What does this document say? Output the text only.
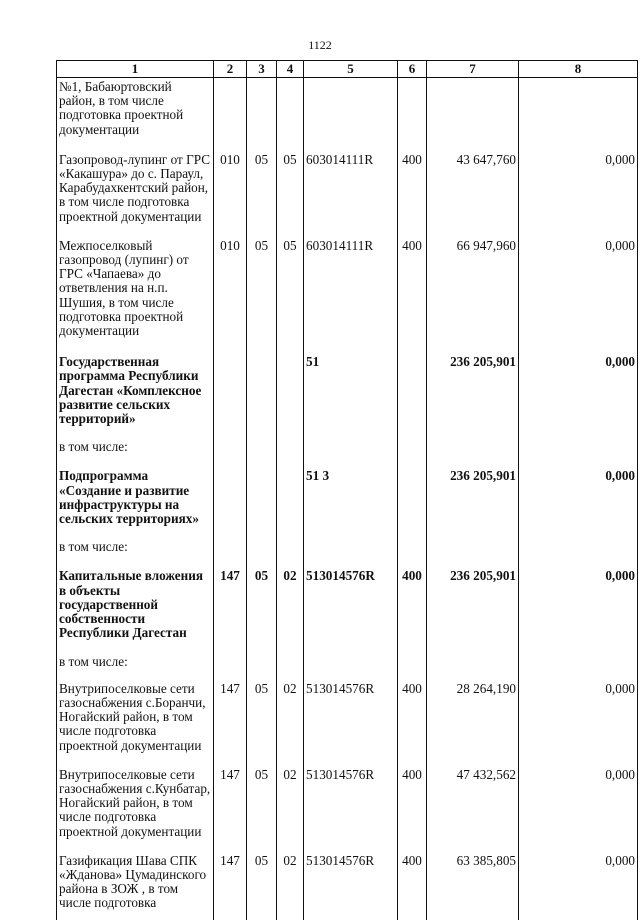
1122
1	2	3	4	5	6	7	8
№1, Бабаюртовский район, в том числе подготовка проектной документации							
Газопровод-лупинг от ГРС «Какашура» до с. Параул, Карабудахкентский район, в том числе подготовка проектной документации	010	05	05	603014111R	400	43 647,760	0,000
Межпоселковый газопровод (лупинг) от ГРС «Чапаева» до ответвления на н.п. Шушия, в том числе подготовка проектной документации	010	05	05	603014111R	400	66 947,960	0,000
Государственная программа Республики Дагестан «Комплексное развитие сельских территорий»				51		236 205,901	0,000
в том числе:							
Подпрограмма «Создание и развитие инфраструктуры на сельских территориях»				51 3		236 205,901	0,000
в том числе:							
Капитальные вложения в объекты государственной собственности Республики Дагестан	147	05	02	513014576R	400	236 205,901	0,000
в том числе:							
Внутрипоселковые сети газоснабжения с.Боранчи, Ногайский район, в том числе подготовка проектной документации	147	05	02	513014576R	400	28 264,190	0,000
Внутрипоселковые сети газоснабжения с.Кунбатар, Ногайский район, в том числе подготовка проектной документации	147	05	02	513014576R	400	47 432,562	0,000
Газификация Шава СПК «Жданова» Цумадинского района в ЗОЖ , в том числе подготовка	147	05	02	513014576R	400	63 385,805	0,000
